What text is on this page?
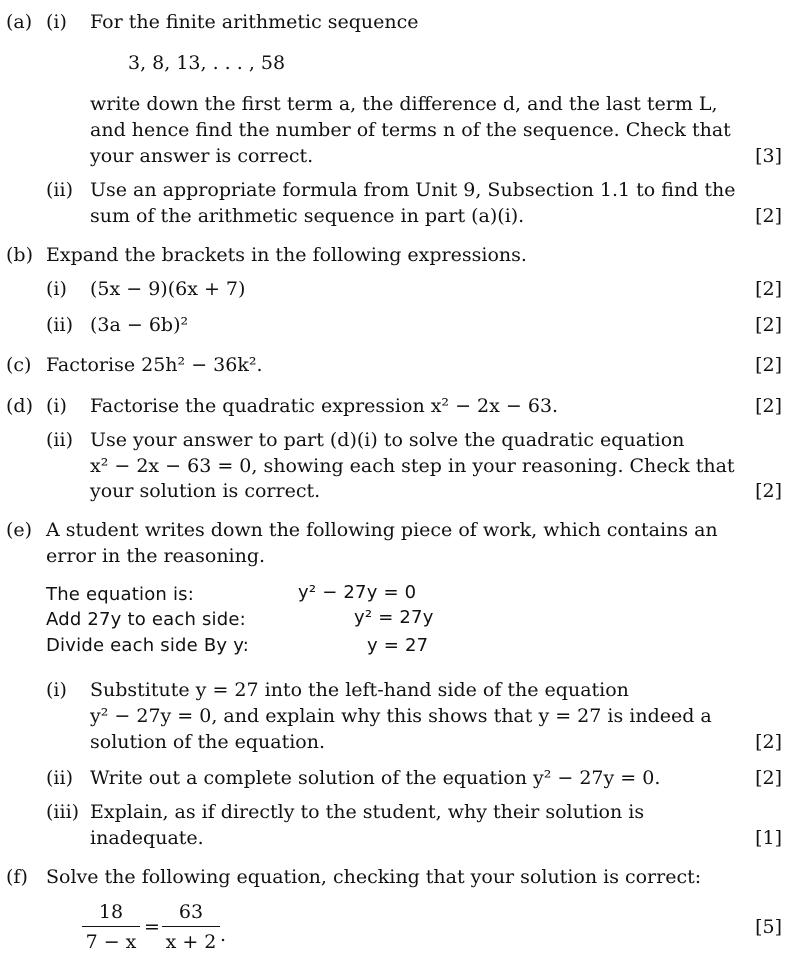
(a) (i) For the finite arithmetic sequence
3, 8, 13, . . . , 58
write down the first term a, the difference d, and the last term L,
and hence find the number of terms n of the sequence. Check that
your answer is correct.	[3]
(ii) Use an appropriate formula from Unit 9, Subsection 1.1 to find the
sum of the arithmetic sequence in part (a)(i).	[2]
(b) Expand the brackets in the following expressions.
(i) (5x − 9)(6x + 7)	[2]
(ii) (3a − 6b)²	[2]
(c) Factorise 25h² − 36k².	[2]
(d) (i) Factorise the quadratic expression x² − 2x − 63.	[2]
(ii) Use your answer to part (d)(i) to solve the quadratic equation
x² − 2x − 63 = 0, showing each step in your reasoning. Check that
your solution is correct.	[2]
(e) A student writes down the following piece of work, which contains an
error in the reasoning.
The equation is:	y² − 27y = 0
Add 27y to each side:	y² = 27y
Divide each side By y:	y = 27
(i) Substitute y = 27 into the left-hand side of the equation
y² − 27y = 0, and explain why this shows that y = 27 is indeed a
solution of the equation.	[2]
(ii) Write out a complete solution of the equation y² − 27y = 0.	[2]
(iii) Explain, as if directly to the student, why their solution is
inadequate.	[1]
(f) Solve the following equation, checking that your solution is correct:
18
7 − x
=
63
x + 2 .	[5]
